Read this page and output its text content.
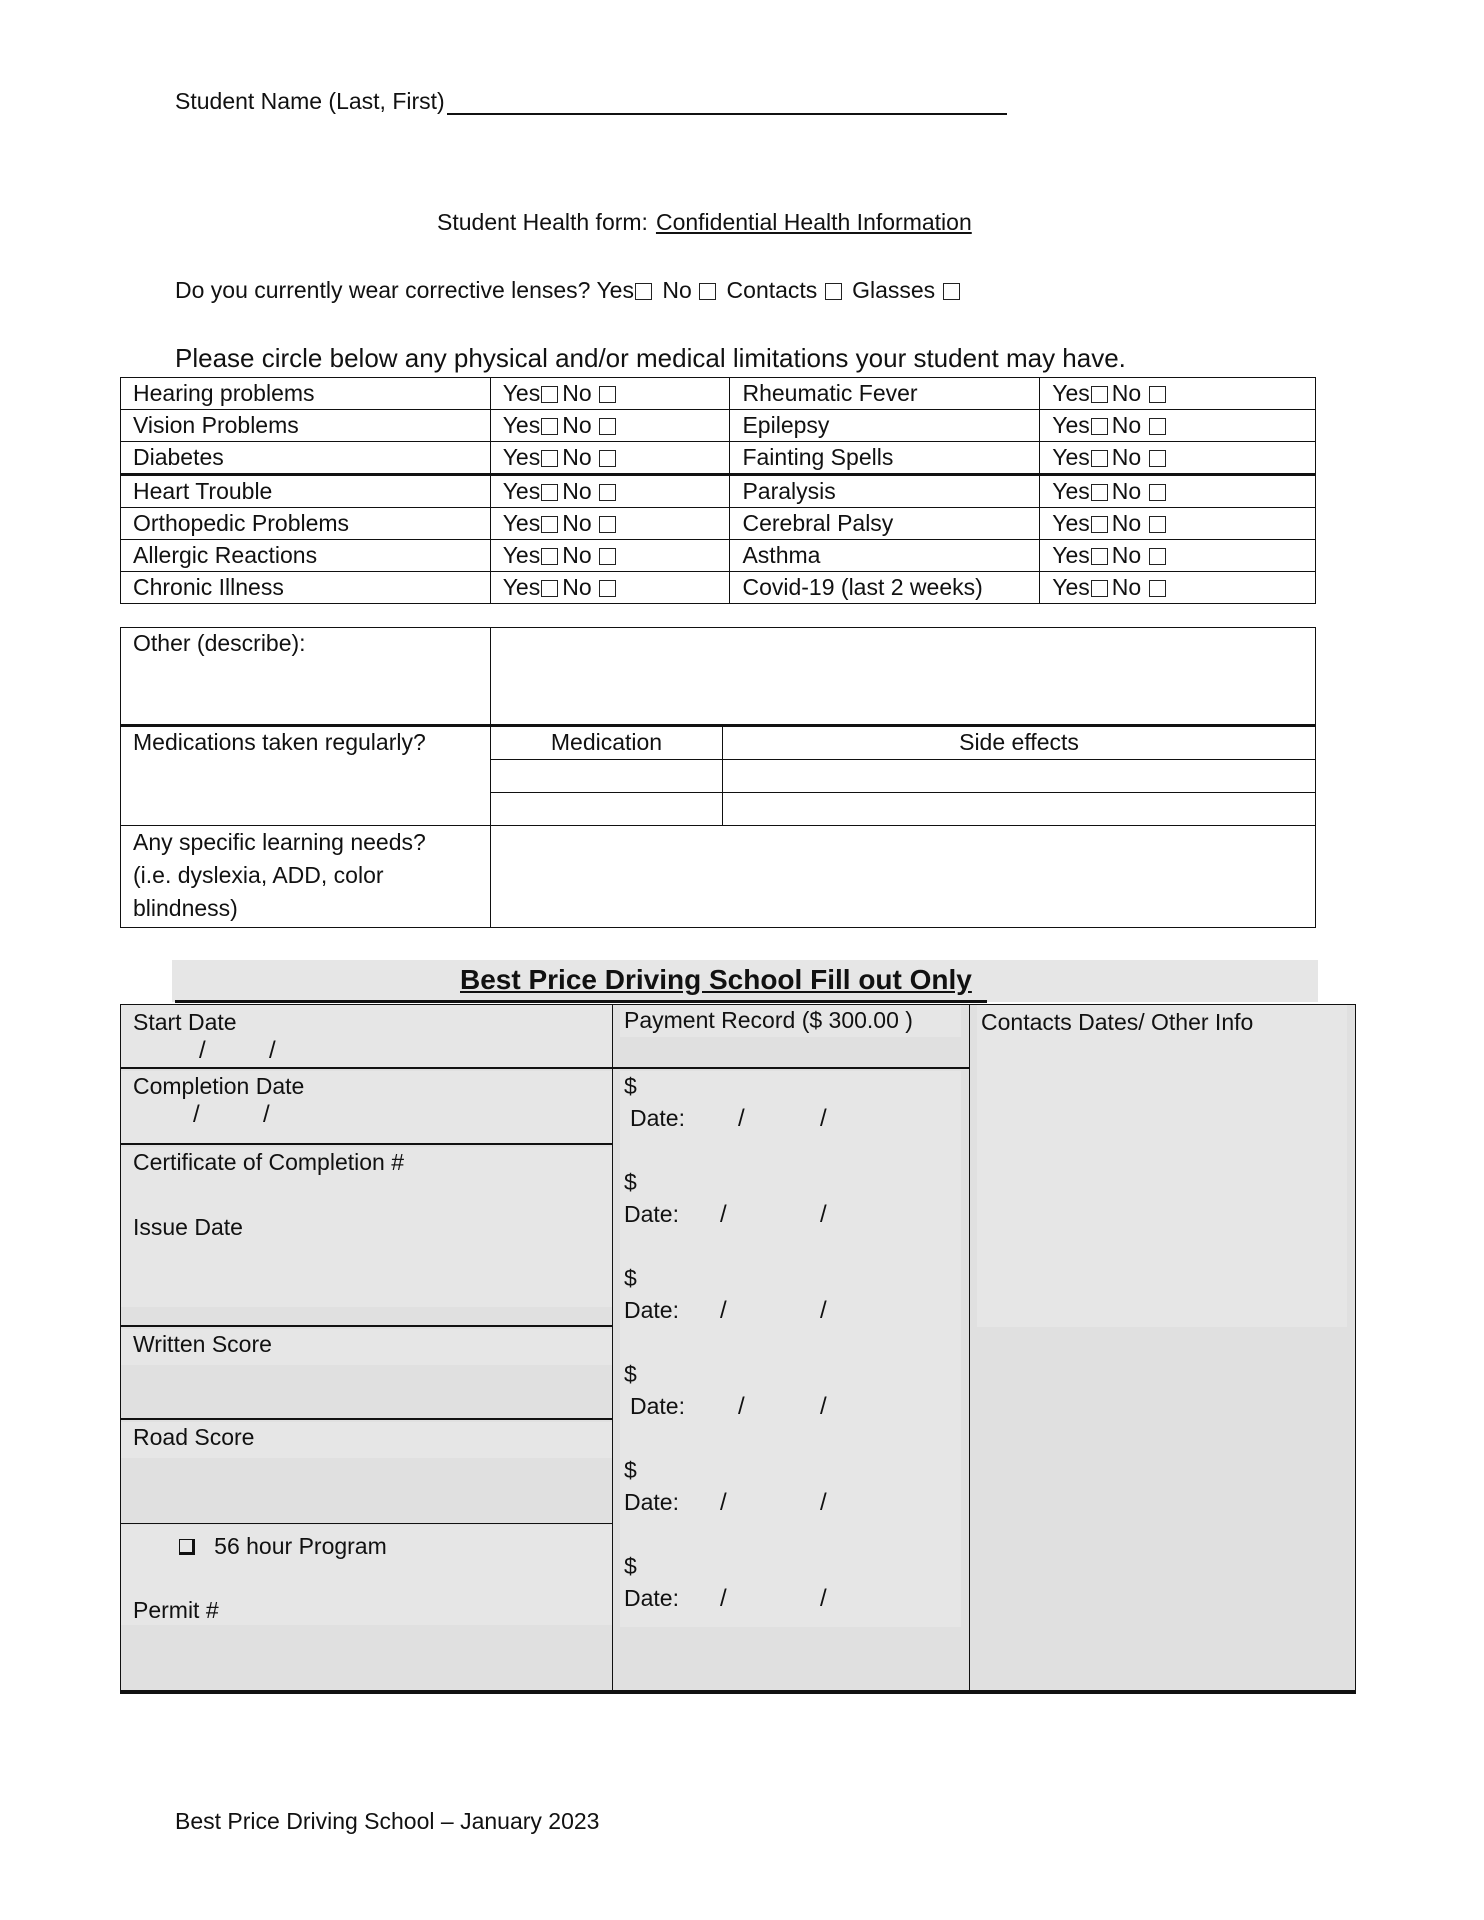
Student Name (Last, First)
Student Health form: Confidential Health Information
Do you currently wear corrective lenses? Yes No Contacts Glasses
Please circle below any physical and/or medical limitations your student may have.
Hearing problems	Yes No	Rheumatic Fever	Yes No
Vision Problems	Yes No	Epilepsy	Yes No
Diabetes	Yes No	Fainting Spells	Yes No
Heart Trouble	Yes No	Paralysis	Yes No
Orthopedic Problems	Yes No	Cerebral Palsy	Yes No
Allergic Reactions	Yes No	Asthma	Yes No
Chronic Illness	Yes No	Covid-19 (last 2 weeks)	Yes No
Other (describe):		
Medications taken regularly?	Medication	Side effects

Any specific learning needs?
(i.e. dyslexia, ADD, color
blindness)		

Best Price Driving School Fill out Only
Start Date
/	/
Completion Date
/	/
Certificate of Completion #
Issue Date
Written Score
Road Score
56 hour Program
Permit #
Payment Record ($ 300.00 )
$
Date: /	/
$
Date: /	/
$
Date: /	/
$
Date: /	/
$
Date: /	/
$
Date: /	/
Contacts Dates/ Other Info
Best Price Driving School – January 2023
